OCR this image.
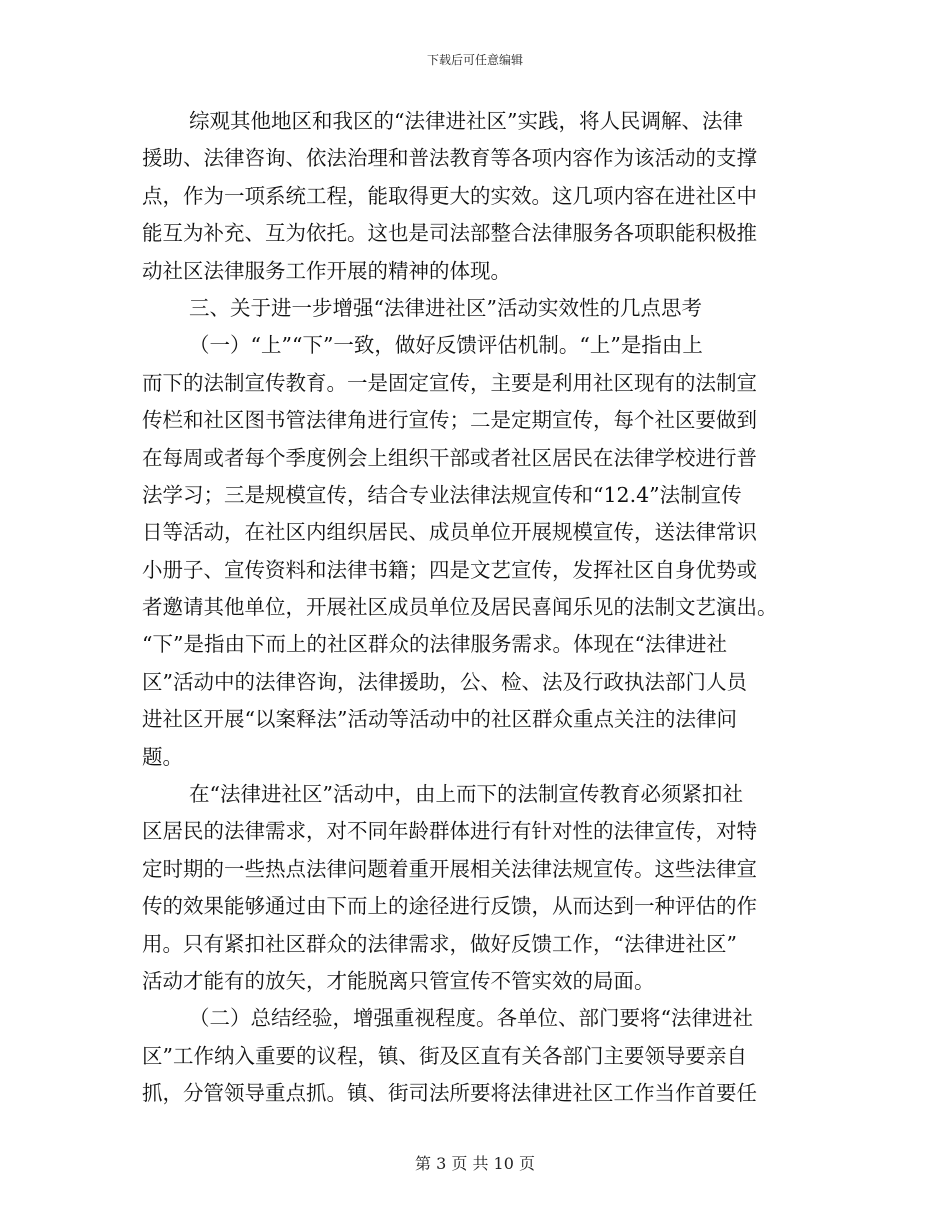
下载后可任意编辑
综观其他地区和我区的“法律进社区”实践，将人民调解、法律
援助、法律咨询、依法治理和普法教育等各项内容作为该活动的支撑
点，作为一项系统工程，能取得更大的实效。这几项内容在进社区中
能互为补充、互为依托。这也是司法部整合法律服务各项职能积极推
动社区法律服务工作开展的精神的体现。
三、关于进一步增强“法律进社区”活动实效性的几点思考
（一）“上”“下”一致，做好反馈评估机制。“上”是指由上
而下的法制宣传教育。一是固定宣传，主要是利用社区现有的法制宣
传栏和社区图书管法律角进行宣传；二是定期宣传，每个社区要做到
在每周或者每个季度例会上组织干部或者社区居民在法律学校进行普
法学习；三是规模宣传，结合专业法律法规宣传和“12.4”法制宣传
日等活动，在社区内组织居民、成员单位开展规模宣传，送法律常识
小册子、宣传资料和法律书籍；四是文艺宣传，发挥社区自身优势或
者邀请其他单位，开展社区成员单位及居民喜闻乐见的法制文艺演出。
“下”是指由下而上的社区群众的法律服务需求。体现在“法律进社
区”活动中的法律咨询，法律援助，公、检、法及行政执法部门人员
进社区开展“以案释法”活动等活动中的社区群众重点关注的法律问
题。
在“法律进社区”活动中，由上而下的法制宣传教育必须紧扣社
区居民的法律需求，对不同年龄群体进行有针对性的法律宣传，对特
定时期的一些热点法律问题着重开展相关法律法规宣传。这些法律宣
传的效果能够通过由下而上的途径进行反馈，从而达到一种评估的作
用。只有紧扣社区群众的法律需求，做好反馈工作，“法律进社区”
活动才能有的放矢，才能脱离只管宣传不管实效的局面。
（二）总结经验，增强重视程度。各单位、部门要将“法律进社
区”工作纳入重要的议程，镇、街及区直有关各部门主要领导要亲自
抓，分管领导重点抓。镇、街司法所要将法律进社区工作当作首要任
第 3 页 共 10 页
